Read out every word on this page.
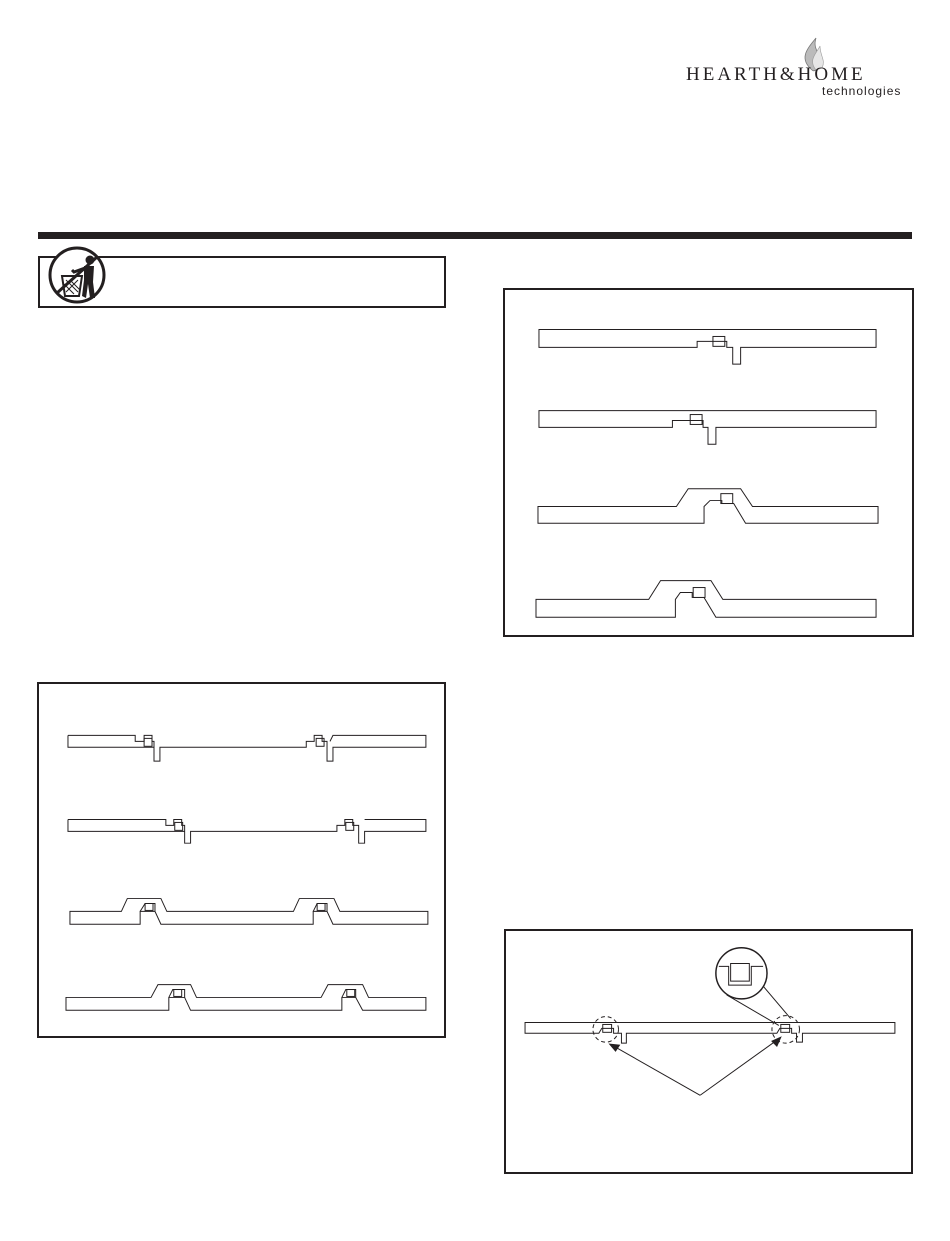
HEARTH&HOME
technologies
